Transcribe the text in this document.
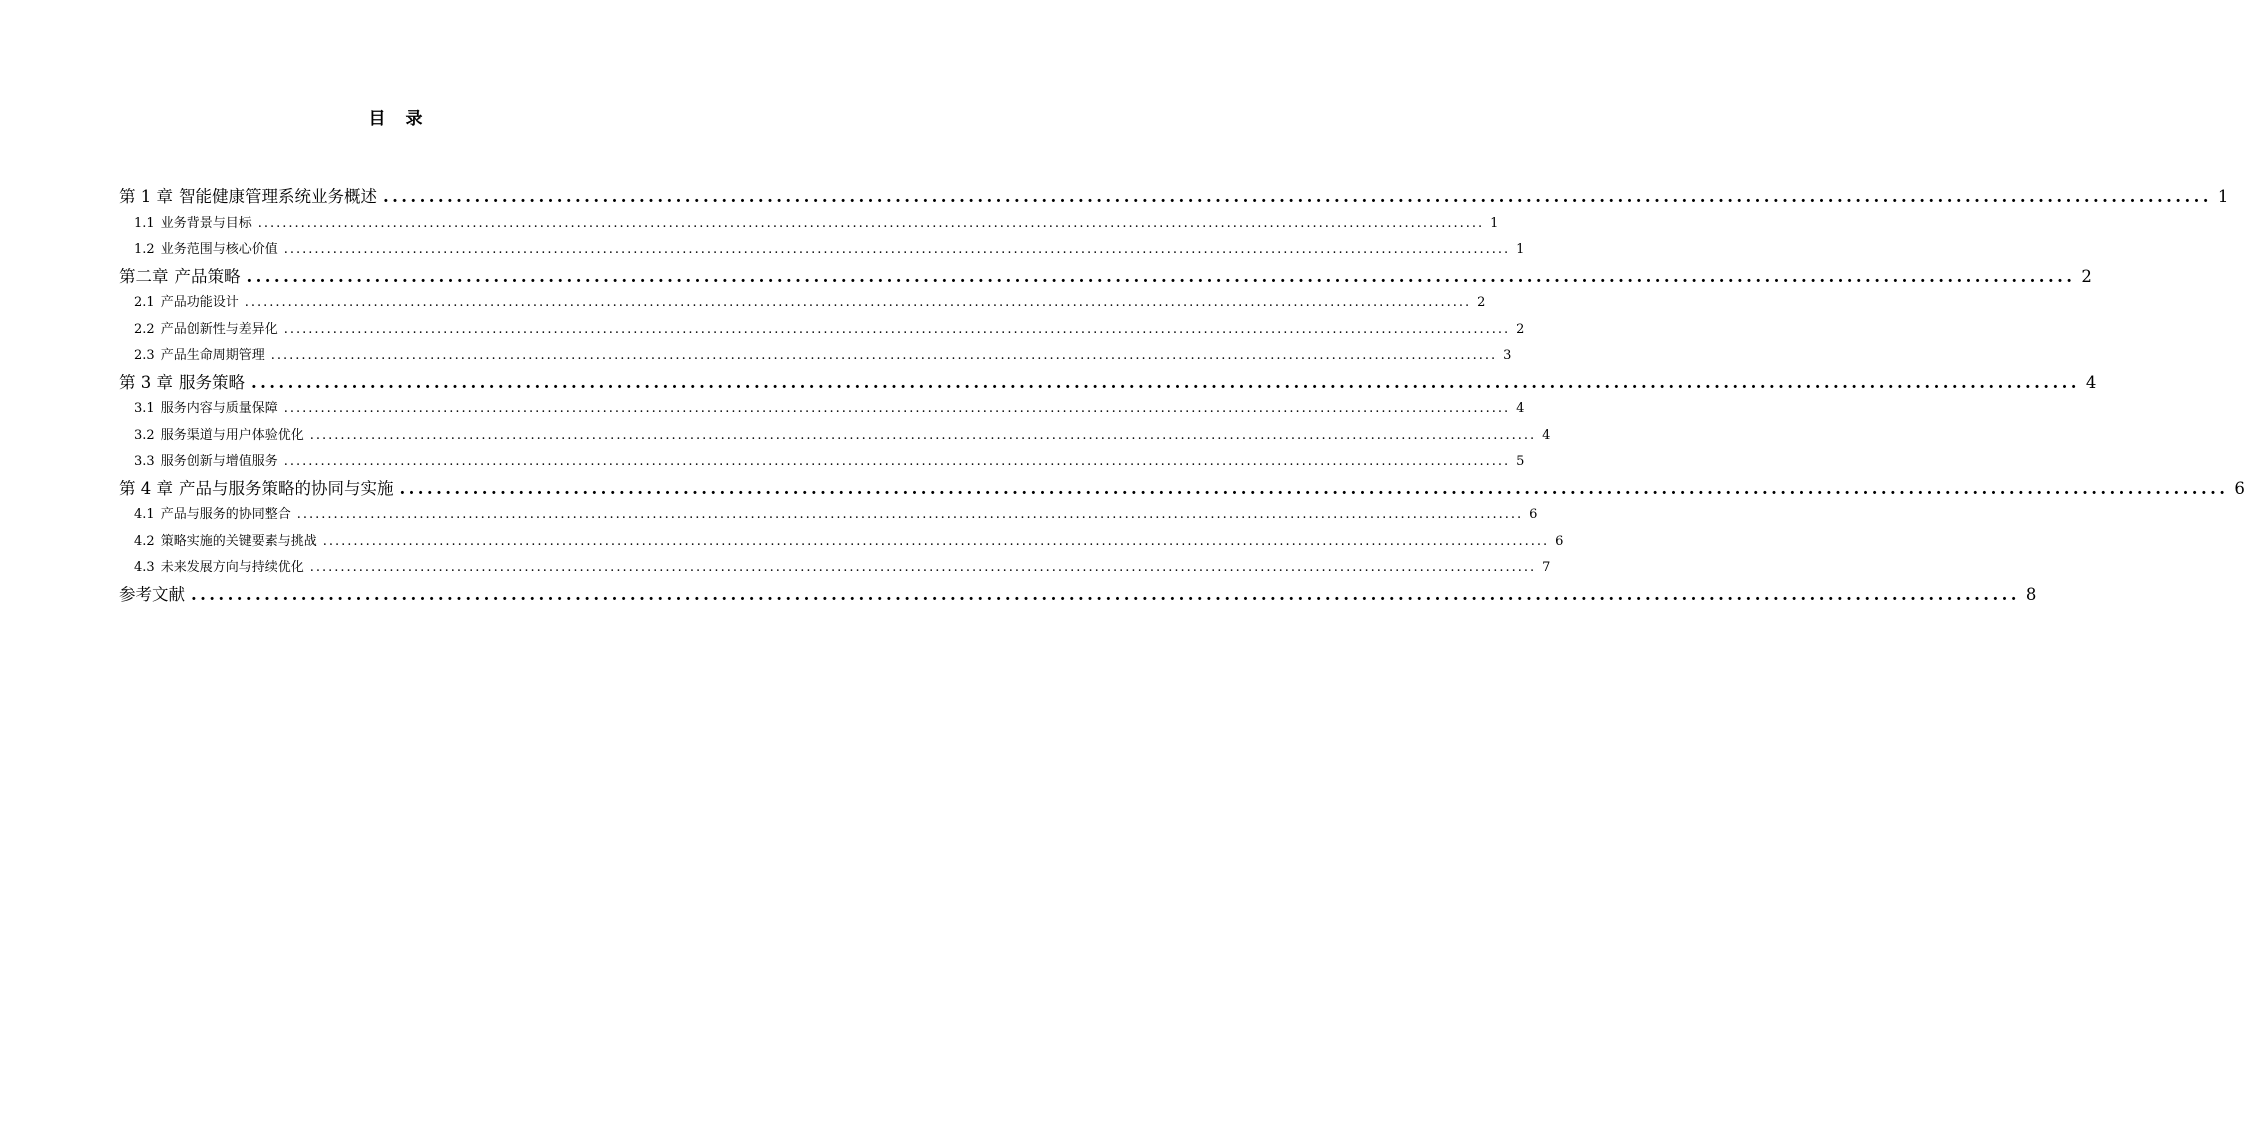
目 录
第 1 章 智能健康管理系统业务概述 ........................................................................................................................................................................................................ 1
1.1 业务背景与目标 ........................................................................................................................................................................................................ 1
1.2 业务范围与核心价值 ........................................................................................................................................................................................................ 1
第二章 产品策略 ........................................................................................................................................................................................................ 2
2.1 产品功能设计 ........................................................................................................................................................................................................ 2
2.2 产品创新性与差异化 ........................................................................................................................................................................................................ 2
2.3 产品生命周期管理 ........................................................................................................................................................................................................ 3
第 3 章 服务策略 ........................................................................................................................................................................................................ 4
3.1 服务内容与质量保障 ........................................................................................................................................................................................................ 4
3.2 服务渠道与用户体验优化 ........................................................................................................................................................................................................ 4
3.3 服务创新与增值服务 ........................................................................................................................................................................................................ 5
第 4 章 产品与服务策略的协同与实施 ........................................................................................................................................................................................................ 6
4.1 产品与服务的协同整合 ........................................................................................................................................................................................................ 6
4.2 策略实施的关键要素与挑战 ........................................................................................................................................................................................................ 6
4.3 未来发展方向与持续优化 ........................................................................................................................................................................................................ 7
参考文献 ........................................................................................................................................................................................................ 8
